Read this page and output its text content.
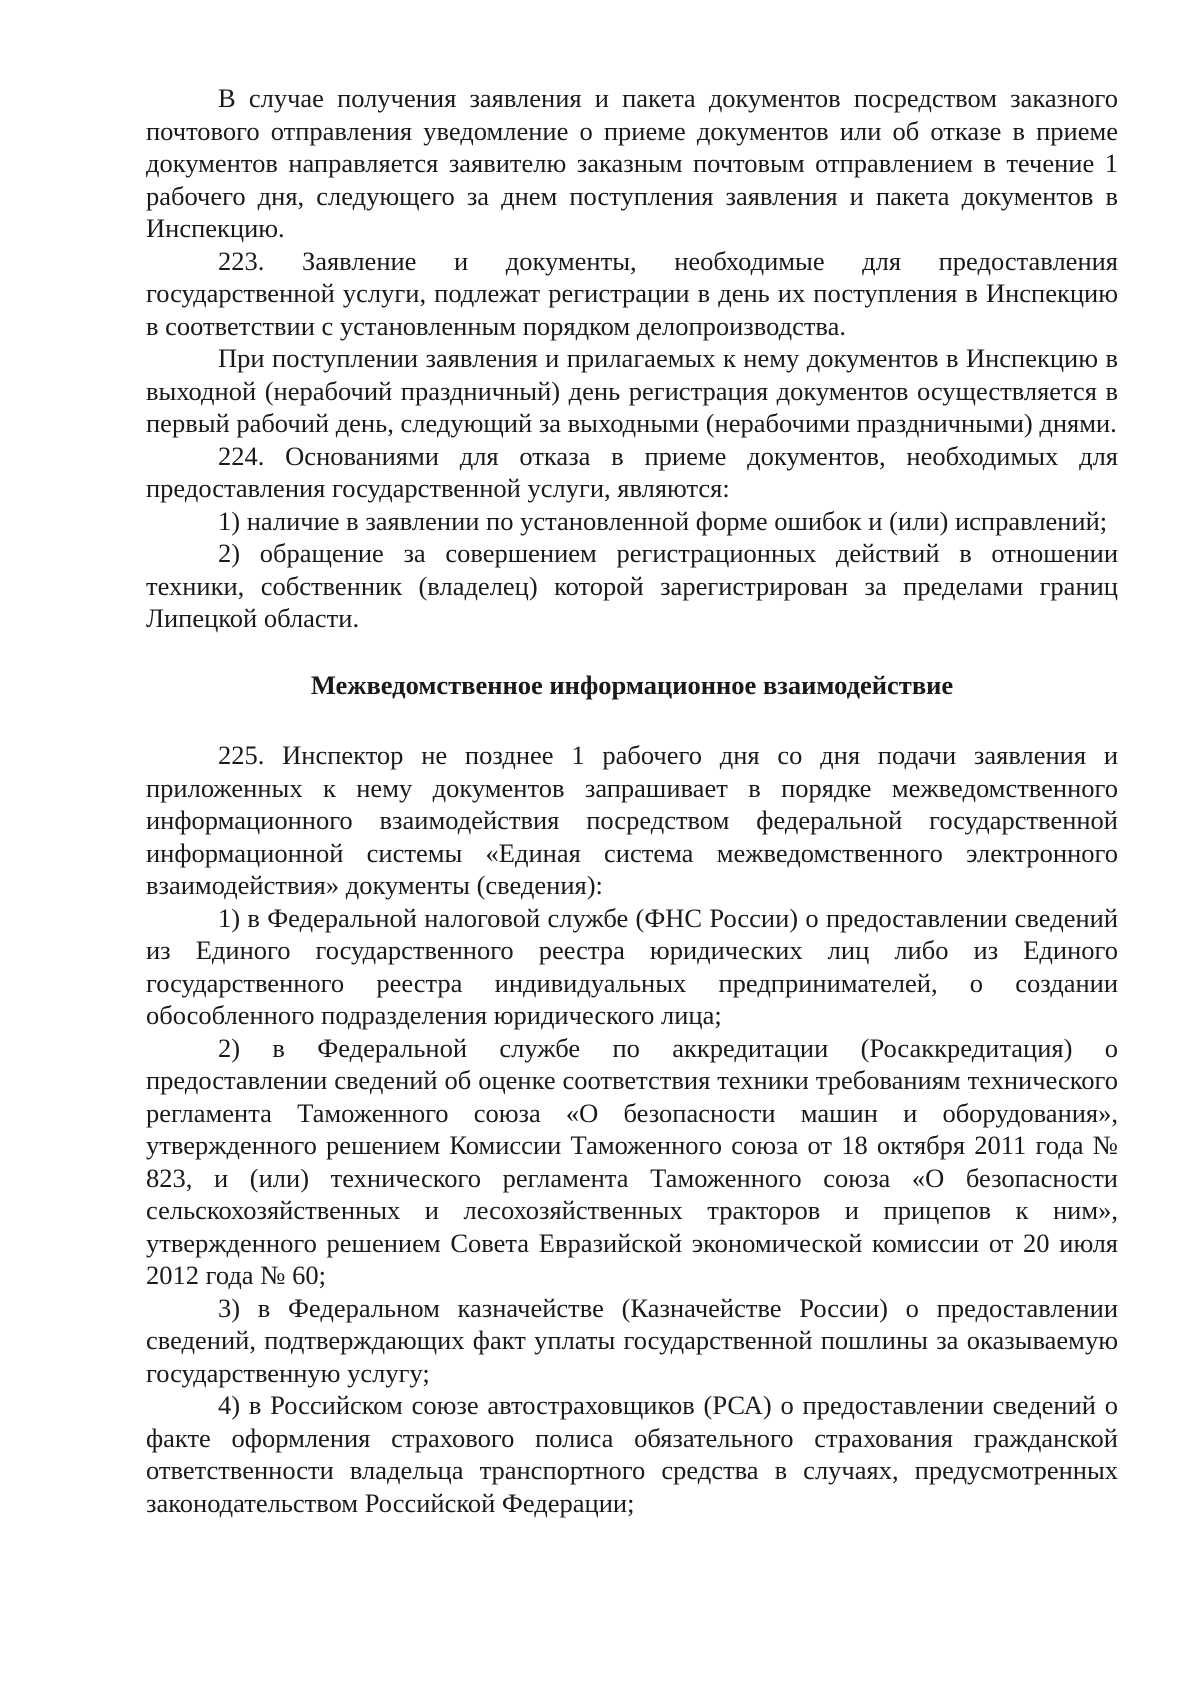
В случае получения заявления и пакета документов посредством заказного почтового отправления уведомление о приеме документов или об отказе в приеме документов направляется заявителю заказным почтовым отправлением в течение 1 рабочего дня, следующего за днем поступления заявления и пакета документов в Инспекцию.

223. Заявление и документы, необходимые для предоставления государственной услуги, подлежат регистрации в день их поступления в Инспекцию в соответствии с установленным порядком делопроизводства.

При поступлении заявления и прилагаемых к нему документов в Инспекцию в выходной (нерабочий праздничный) день регистрация документов осуществляется в первый рабочий день, следующий за выходными (нерабочими праздничными) днями.

224. Основаниями для отказа в приеме документов, необходимых для предоставления государственной услуги, являются:

1) наличие в заявлении по установленной форме ошибок и (или) исправлений;

2) обращение за совершением регистрационных действий в отношении техники, собственник (владелец) которой зарегистрирован за пределами границ Липецкой области.

Межведомственное информационное взаимодействие

225. Инспектор не позднее 1 рабочего дня со дня подачи заявления и приложенных к нему документов запрашивает в порядке межведомственного информационного взаимодействия посредством федеральной государственной информационной системы «Единая система межведомственного электронного взаимодействия» документы (сведения):

1) в Федеральной налоговой службе (ФНС России) о предоставлении сведений из Единого государственного реестра юридических лиц либо из Единого государственного реестра индивидуальных предпринимателей, о создании обособленного подразделения юридического лица;

2) в Федеральной службе по аккредитации (Росаккредитация) о предоставлении сведений об оценке соответствия техники требованиям технического регламента Таможенного союза «О безопасности машин и оборудования», утвержденного решением Комиссии Таможенного союза от 18 октября 2011 года № 823, и (или) технического регламента Таможенного союза «О безопасности сельскохозяйственных и лесохозяйственных тракторов и прицепов к ним», утвержденного решением Совета Евразийской экономической комиссии от 20 июля 2012 года № 60;

3) в Федеральном казначействе (Казначействе России) о предоставлении сведений, подтверждающих факт уплаты государственной пошлины за оказываемую государственную услугу;

4) в Российском союзе автостраховщиков (РСА) о предоставлении сведений о факте оформления страхового полиса обязательного страхования гражданской ответственности владельца транспортного средства в случаях, предусмотренных законодательством Российской Федерации;
